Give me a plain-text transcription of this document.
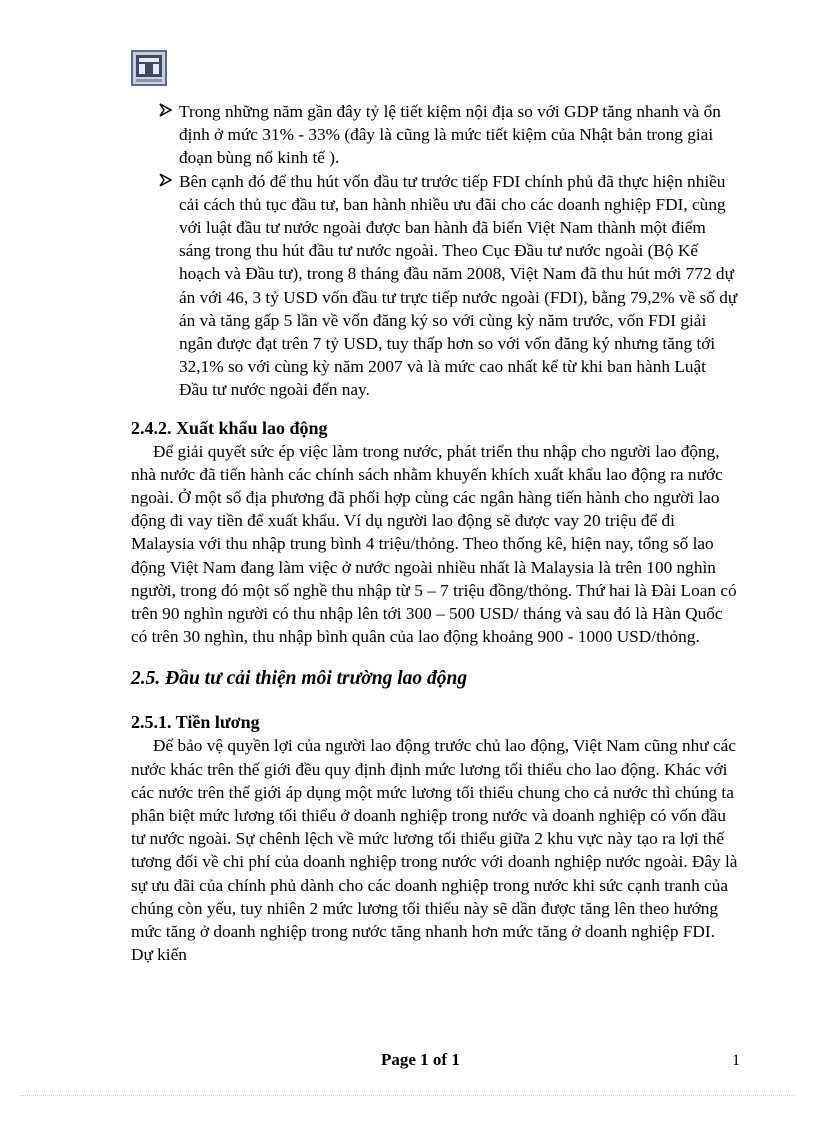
Trong những năm gần đây tỷ lệ tiết kiệm nội địa so với GDP tăng nhanh và ổn định ở mức 31% - 33% (đây là cũng là mức tiết kiệm của Nhật bản trong giai đoạn bùng nổ kinh tế ).
Bên cạnh đó để thu hút vốn đầu tư trước tiếp FDI chính phủ đã thực hiện nhiều cải cách thủ tục đầu tư, ban hành nhiều ưu đãi cho các doanh nghiệp FDI, cùng với luật đầu tư nước ngoài được ban hành đã biến Việt Nam thành một điểm sáng trong thu hút đầu tư nước ngoài. Theo Cục Đầu tư nước ngoài (Bộ Kế hoạch và Đầu tư), trong 8 tháng đầu năm 2008, Việt Nam đã thu hút mới 772 dự án với 46, 3 tỷ USD vốn đầu tư trực tiếp nước ngoài (FDI), bằng 79,2% về số dự án và tăng gấp 5 lần về vốn đăng ký so với cùng kỳ năm trước, vốn FDI giải ngân được đạt trên 7 tỷ USD, tuy thấp hơn so với vốn đăng ký nhưng tăng tới 32,1% so với cùng kỳ năm 2007 và là mức cao nhất kể từ khi ban hành Luật Đầu tư nước ngoài đến nay.
2.4.2. Xuất khẩu lao động

Để giải quyết sức ép việc làm trong nước, phát triển thu nhập cho người lao động, nhà nước đã tiến hành các chính sách nhằm khuyến khích xuất khẩu lao động ra nước ngoài. Ở một số địa phương đã phối hợp cùng các ngân hàng tiến hành cho người lao động đi vay tiền để xuất khẩu. Ví dụ người lao động sẽ được vay 20 triệu để đi Malaysia với thu nhập trung bình 4 triệu/thỏng. Theo thống kê, hiện nay, tổng số lao động Việt Nam đang làm việc ở nước ngoài nhiều nhất là Malaysia là trên 100 nghìn người, trong đó một số nghề thu nhập từ 5 – 7 triệu đồng/thỏng. Thứ hai là Đài Loan có trên 90 nghìn người có thu nhập lên tới 300 – 500 USD/ tháng và sau đó là Hàn Quốc có trên 30 nghìn, thu nhập bình quân của lao động khoảng 900 - 1000 USD/thỏng.

2.5. Đầu tư cải thiện môi trường lao động
2.5.1. Tiền lương

Để bảo vệ quyền lợi của người lao động trước chủ lao động, Việt Nam cũng như các nước khác trên thế giới đều quy định định mức lương tối thiểu cho lao động. Khác với các nước trên thế giới áp dụng một mức lương tối thiểu chung cho cả nước thì chúng ta phân biệt mức lương tối thiểu ở doanh nghiệp trong nước và doanh nghiệp có vốn đầu tư nước ngoài. Sự chênh lệch về mức lương tối thiểu giữa 2 khu vực này tạo ra lợi thế tương đối về chi phí của doanh nghiệp trong nước với doanh nghiệp nước ngoài. Đây là sự ưu đãi của chính phủ dành cho các doanh nghiệp trong nước khi sức cạnh tranh của chúng còn yếu, tuy nhiên 2 mức lương tối thiểu này sẽ dần được tăng lên theo hướng mức tăng ở doanh nghiệp trong nước tăng nhanh hơn mức tăng ở doanh nghiệp FDI. Dự kiến

Page 1 of 1	1
